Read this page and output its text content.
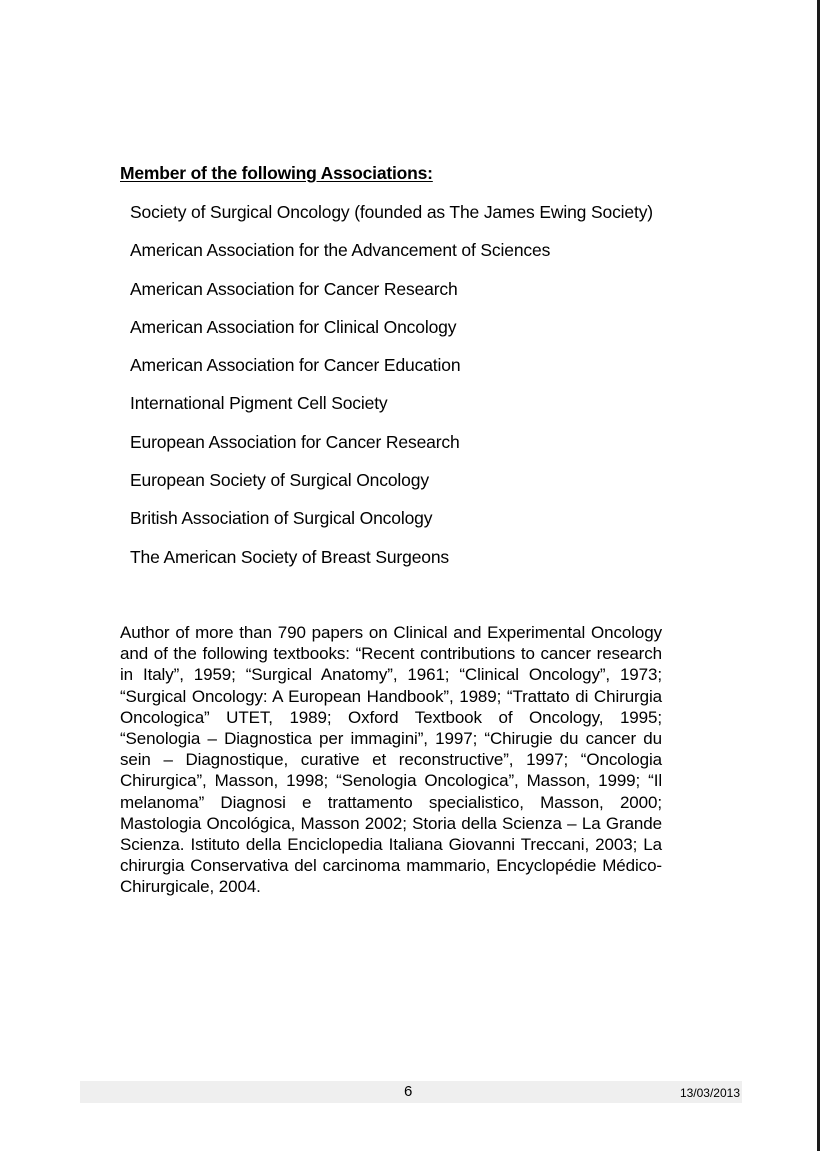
Member of the following Associations:
Society of Surgical Oncology (founded as The James Ewing Society)
American Association for the Advancement of Sciences
American Association for Cancer Research
American Association for Clinical Oncology
American Association for Cancer Education
International Pigment Cell Society
European Association for Cancer Research
European Society of Surgical Oncology
British Association of Surgical Oncology
The American Society of Breast Surgeons

Author of more than 790 papers on Clinical and Experimental Oncology and of the following textbooks: “Recent contributions to cancer research in Italy”, 1959; “Surgical Anatomy”, 1961; “Clinical Oncology”, 1973; “Surgical Oncology: A European Handbook”, 1989; “Trattato di Chirurgia Oncologica” UTET, 1989; Oxford Textbook of Oncology, 1995; “Senologia – Diagnostica per immagini”, 1997; “Chirugie du cancer du sein – Diagnostique, curative et reconstructive”, 1997; “Oncologia Chirurgica”, Masson, 1998; “Senologia Oncologica”, Masson, 1999; “Il melanoma” Diagnosi e trattamento specialistico, Masson, 2000; Mastologia Oncológica, Masson 2002; Storia della Scienza – La Grande Scienza. Istituto della Enciclopedia Italiana Giovanni Treccani, 2003; La chirurgia Conservativa del carcinoma mammario, Encyclopédie Médico-Chirurgicale, 2004.

6	13/03/2013
